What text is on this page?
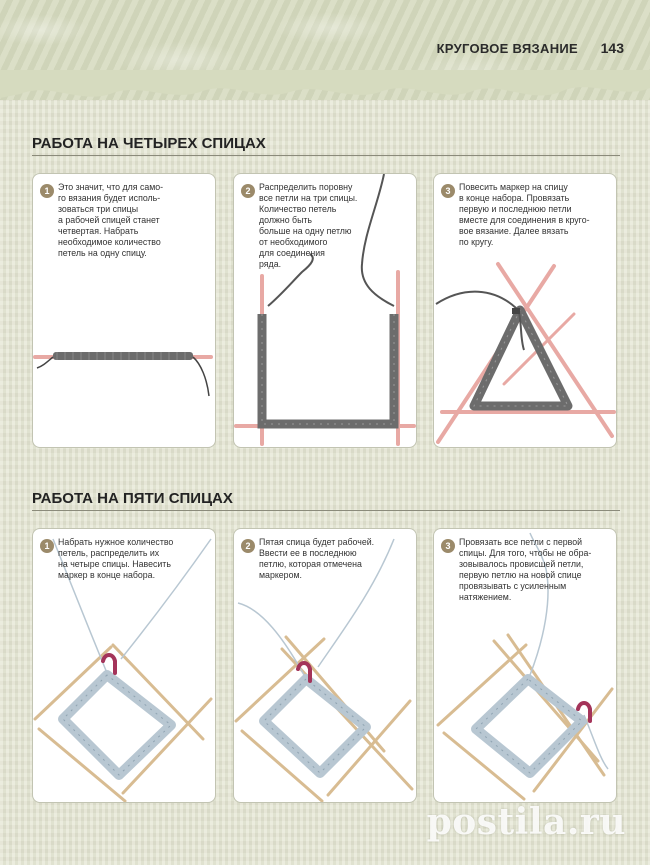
КРУГОВОЕ ВЯЗАНИЕ 143
РАБОТА НА ЧЕТЫРЕХ СПИЦАХ
1 Это значит, что для само-
го вязания будет исполь-
зоваться три спицы
а рабочей спицей станет
четвертая. Набрать
необходимое количество
петель на одну спицу.
2 Распределить поровну
все петли на три спицы.
Количество петель
должно быть
больше на одну петлю
от необходимого
для соединения
ряда.
3 Повесить маркер на спицу
в конце набора. Провязать
первую и последнюю петли
вместе для соединения в круго-
вое вязание. Далее вязать
по кругу.
РАБОТА НА ПЯТИ СПИЦАХ
1 Набрать нужное количество
петель, распределить их
на четыре спицы. Навесить
маркер в конце набора.
2 Пятая спица будет рабочей.
Ввести ее в последнюю
петлю, которая отмечена
маркером.
3 Провязать все петли с первой
спицы. Для того, чтобы не обра-
зовывалось провисшей петли,
первую петлю на новой спице
провязывать с усиленным
натяжением.
postila.ru
